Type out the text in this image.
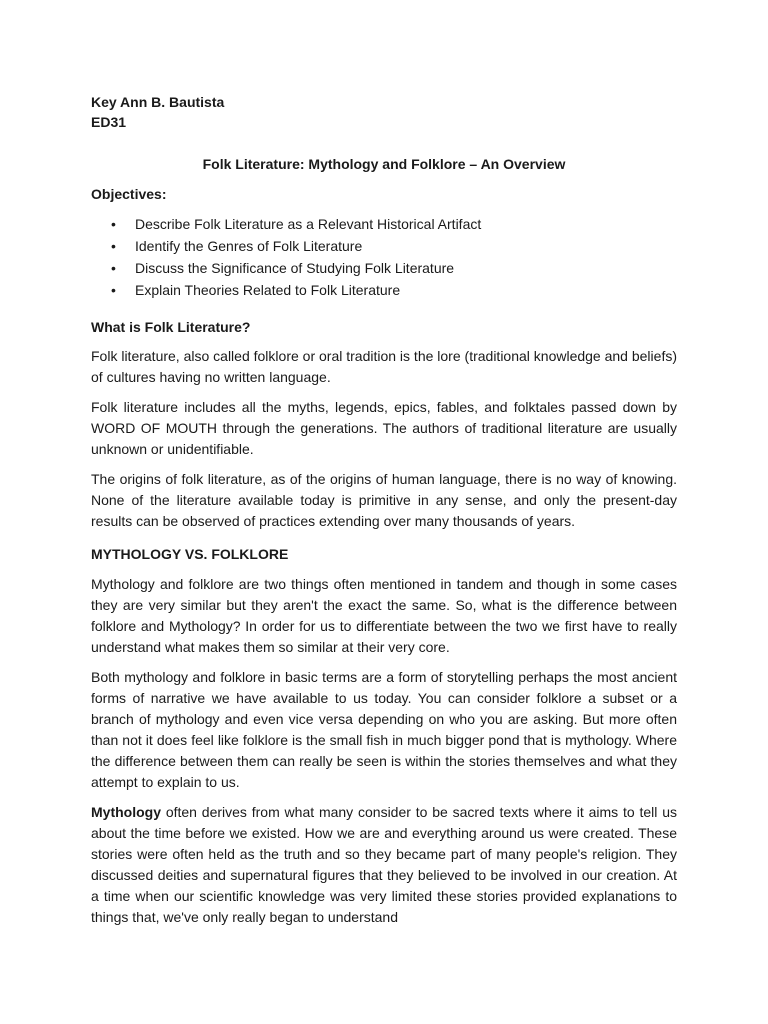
Key Ann B. Bautista
ED31
Folk Literature: Mythology and Folklore – An Overview
Objectives:
• Describe Folk Literature as a Relevant Historical Artifact
• Identify the Genres of Folk Literature
• Discuss the Significance of Studying Folk Literature
• Explain Theories Related to Folk Literature
What is Folk Literature?

Folk literature, also called folklore or oral tradition is the lore (traditional knowledge and beliefs) of cultures having no written language.

Folk literature includes all the myths, legends, epics, fables, and folktales passed down by WORD OF MOUTH through the generations. The authors of traditional literature are usually unknown or unidentifiable.

The origins of folk literature, as of the origins of human language, there is no way of knowing. None of the literature available today is primitive in any sense, and only the present-day results can be observed of practices extending over many thousands of years.

MYTHOLOGY VS. FOLKLORE

Mythology and folklore are two things often mentioned in tandem and though in some cases they are very similar but they aren't the exact the same. So, what is the difference between folklore and Mythology? In order for us to differentiate between the two we first have to really understand what makes them so similar at their very core.

Both mythology and folklore in basic terms are a form of storytelling perhaps the most ancient forms of narrative we have available to us today. You can consider folklore a subset or a branch of mythology and even vice versa depending on who you are asking. But more often than not it does feel like folklore is the small fish in much bigger pond that is mythology. Where the difference between them can really be seen is within the stories themselves and what they attempt to explain to us.

Mythology often derives from what many consider to be sacred texts where it aims to tell us about the time before we existed. How we are and everything around us were created. These stories were often held as the truth and so they became part of many people's religion. They discussed deities and supernatural figures that they believed to be involved in our creation. At a time when our scientific knowledge was very limited these stories provided explanations to things that, we've only really began to understand
